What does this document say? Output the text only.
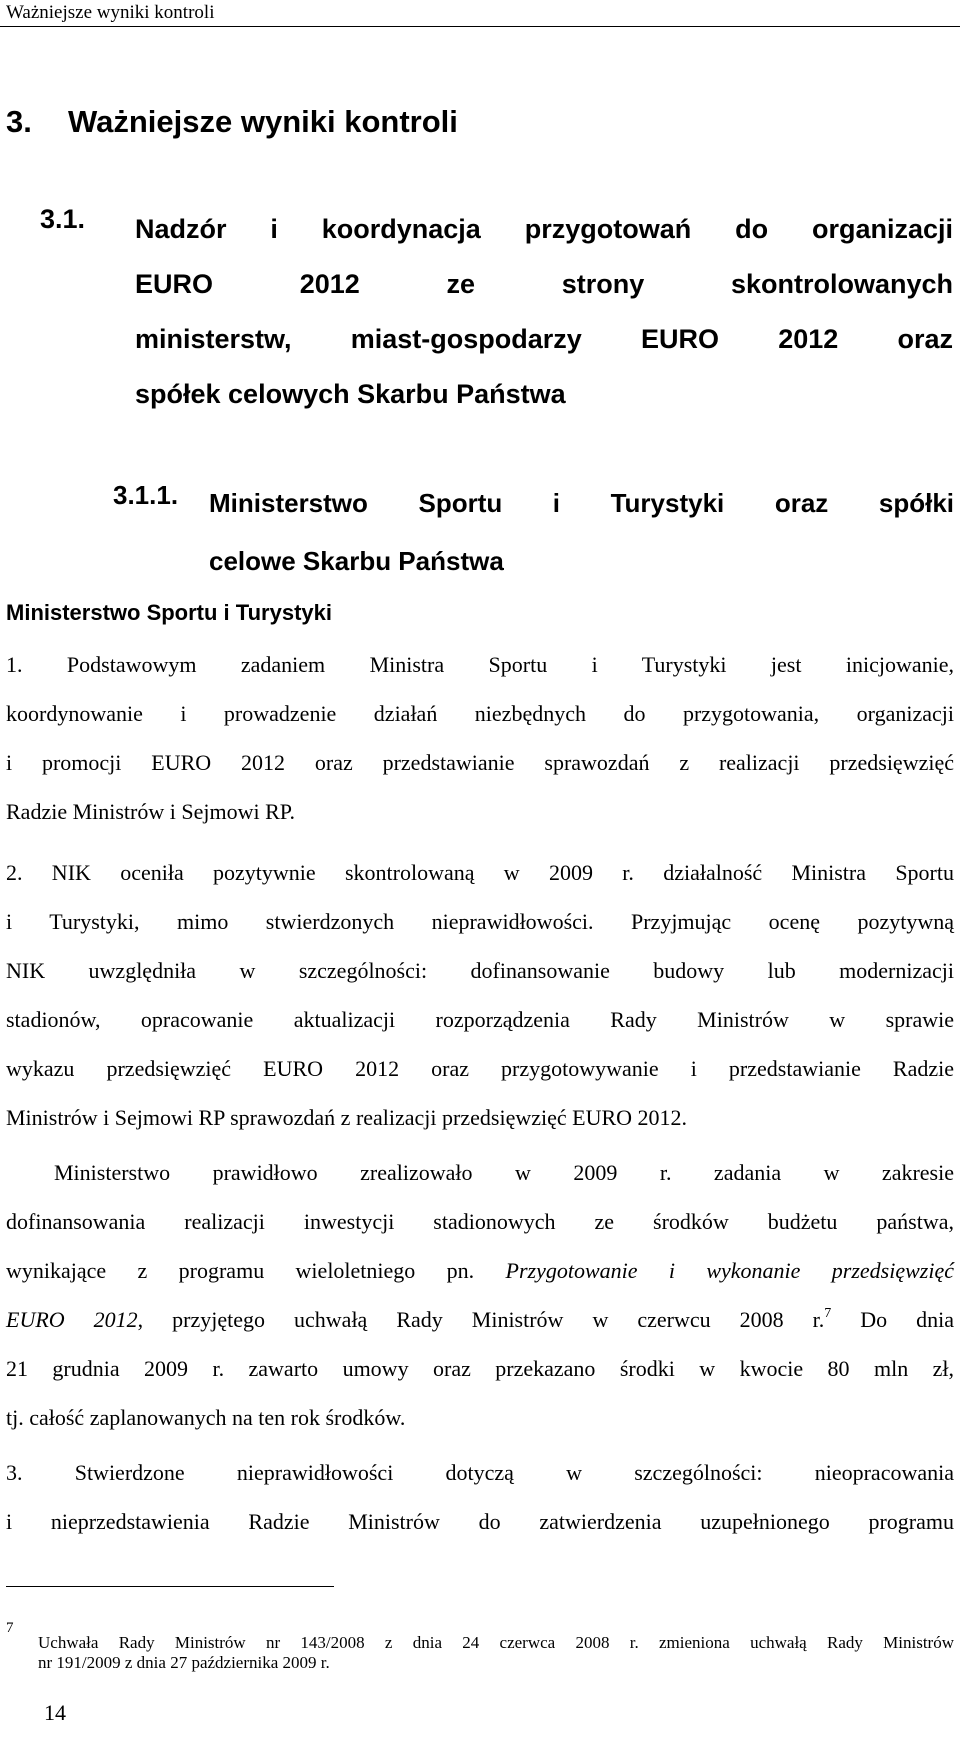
Ważniejsze wyniki kontroli
3. Ważniejsze wyniki kontroli
3.1. Nadzór i koordynacja przygotowań do organizacji
EURO 2012 ze strony skontrolowanych
ministerstw, miast-gospodarzy EURO 2012 oraz
spółek celowych Skarbu Państwa
3.1.1. Ministerstwo Sportu i Turystyki oraz spółki
celowe Skarbu Państwa
Ministerstwo Sportu i Turystyki
1. Podstawowym zadaniem Ministra Sportu i Turystyki jest inicjowanie,
koordynowanie i prowadzenie działań niezbędnych do przygotowania, organizacji
i promocji EURO 2012 oraz przedstawianie sprawozdań z realizacji przedsięwzięć
Radzie Ministrów i Sejmowi RP.
2. NIK oceniła pozytywnie skontrolowaną w 2009 r. działalność Ministra Sportu
i Turystyki, mimo stwierdzonych nieprawidłowości. Przyjmując ocenę pozytywną
NIK uwzględniła w szczególności: dofinansowanie budowy lub modernizacji
stadionów, opracowanie aktualizacji rozporządzenia Rady Ministrów w sprawie
wykazu przedsięwzięć EURO 2012 oraz przygotowywanie i przedstawianie Radzie
Ministrów i Sejmowi RP sprawozdań z realizacji przedsięwzięć EURO 2012.
Ministerstwo prawidłowo zrealizowało w 2009 r. zadania w zakresie
dofinansowania realizacji inwestycji stadionowych ze środków budżetu państwa,
wynikające z programu wieloletniego pn. Przygotowanie i wykonanie przedsięwzięć
EURO 2012, przyjętego uchwałą Rady Ministrów w czerwcu 2008 r.$^7$ Do dnia
21 grudnia 2009 r. zawarto umowy oraz przekazano środki w kwocie 80 mln zł,
tj. całość zaplanowanych na ten rok środków.
3. Stwierdzone nieprawidłowości dotyczą w szczególności: nieopracowania
i nieprzedstawienia Radzie Ministrów do zatwierdzenia uzupełnionego programu
7
Uchwała Rady Ministrów nr 143/2008 z dnia 24 czerwca 2008 r. zmieniona uchwałą Rady Ministrów
nr 191/2009 z dnia 27 października 2009 r.
14
